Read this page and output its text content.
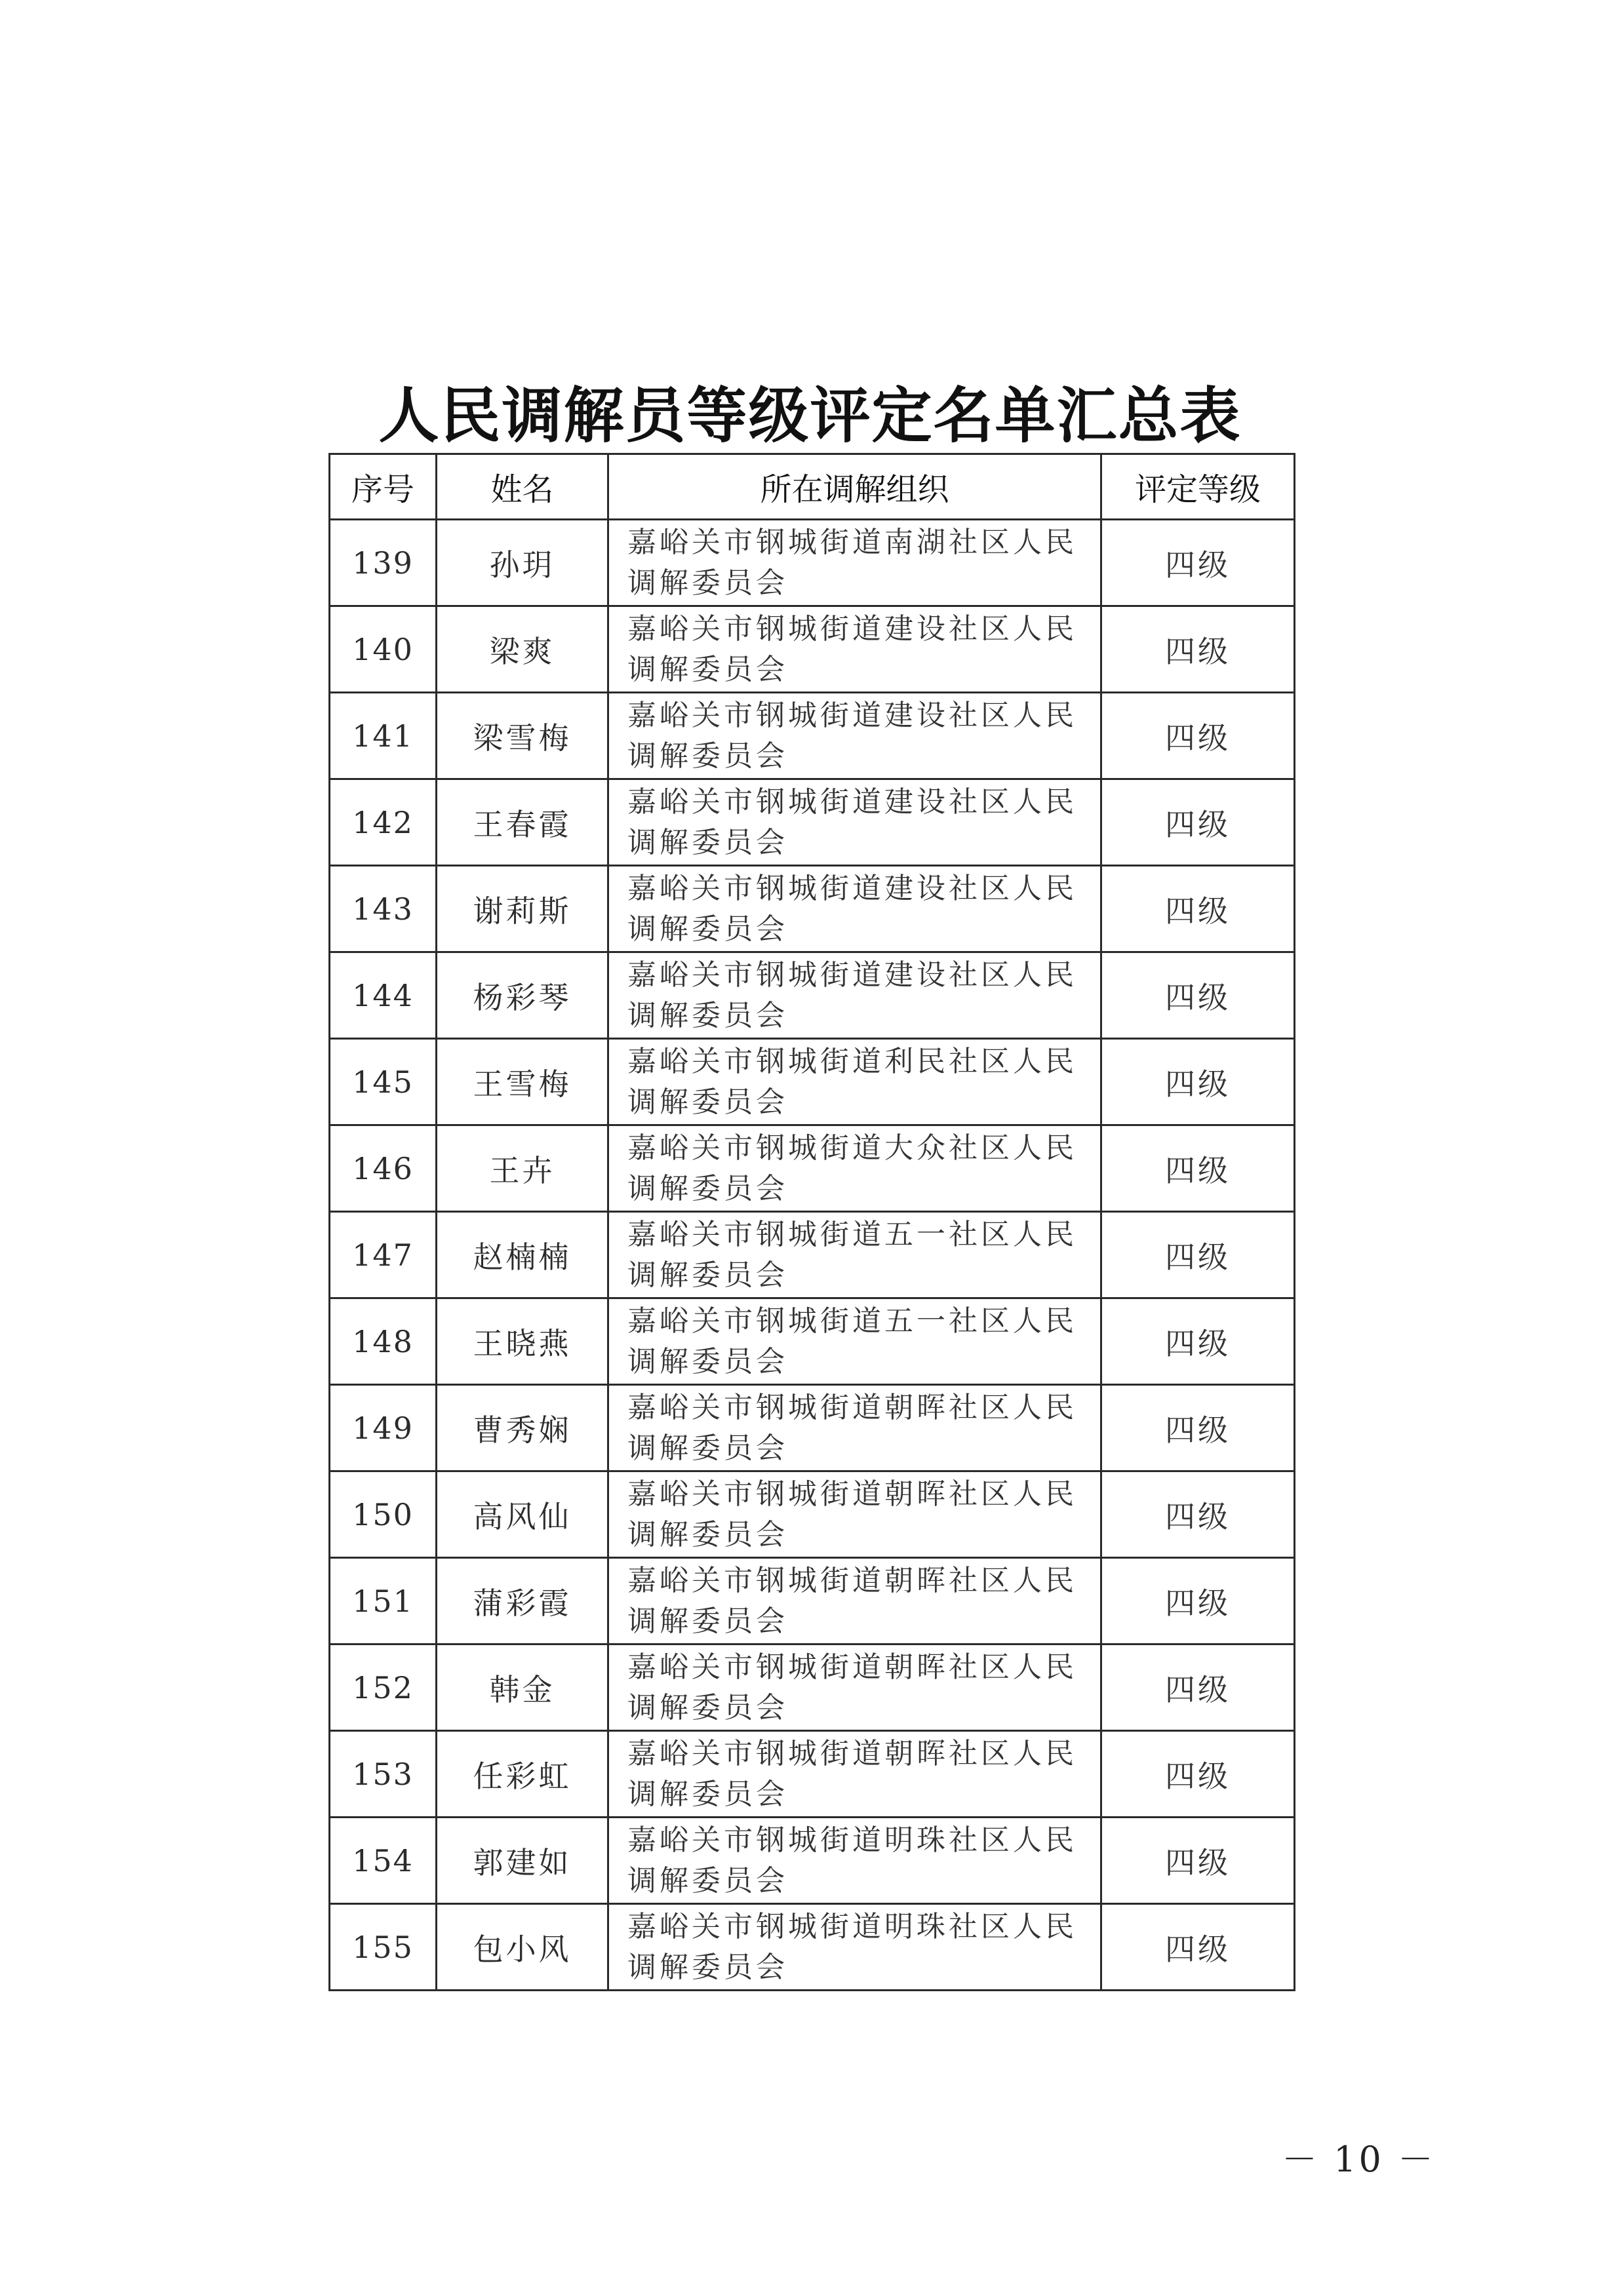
人民调解员等级评定名单汇总表
序号	姓名	所在调解组织	评定等级
139	孙玥	嘉峪关市钢城街道南湖社区人民调解委员会	四级
140	梁爽	嘉峪关市钢城街道建设社区人民调解委员会	四级
141	梁雪梅	嘉峪关市钢城街道建设社区人民调解委员会	四级
142	王春霞	嘉峪关市钢城街道建设社区人民调解委员会	四级
143	谢莉斯	嘉峪关市钢城街道建设社区人民调解委员会	四级
144	杨彩琴	嘉峪关市钢城街道建设社区人民调解委员会	四级
145	王雪梅	嘉峪关市钢城街道利民社区人民调解委员会	四级
146	王卉	嘉峪关市钢城街道大众社区人民调解委员会	四级
147	赵楠楠	嘉峪关市钢城街道五一社区人民调解委员会	四级
148	王晓燕	嘉峪关市钢城街道五一社区人民调解委员会	四级
149	曹秀娴	嘉峪关市钢城街道朝晖社区人民调解委员会	四级
150	高风仙	嘉峪关市钢城街道朝晖社区人民调解委员会	四级
151	蒲彩霞	嘉峪关市钢城街道朝晖社区人民调解委员会	四级
152	韩金	嘉峪关市钢城街道朝晖社区人民调解委员会	四级
153	任彩虹	嘉峪关市钢城街道朝晖社区人民调解委员会	四级
154	郭建如	嘉峪关市钢城街道明珠社区人民调解委员会	四级
155	包小风	嘉峪关市钢城街道明珠社区人民调解委员会	四级
－ 10 －
